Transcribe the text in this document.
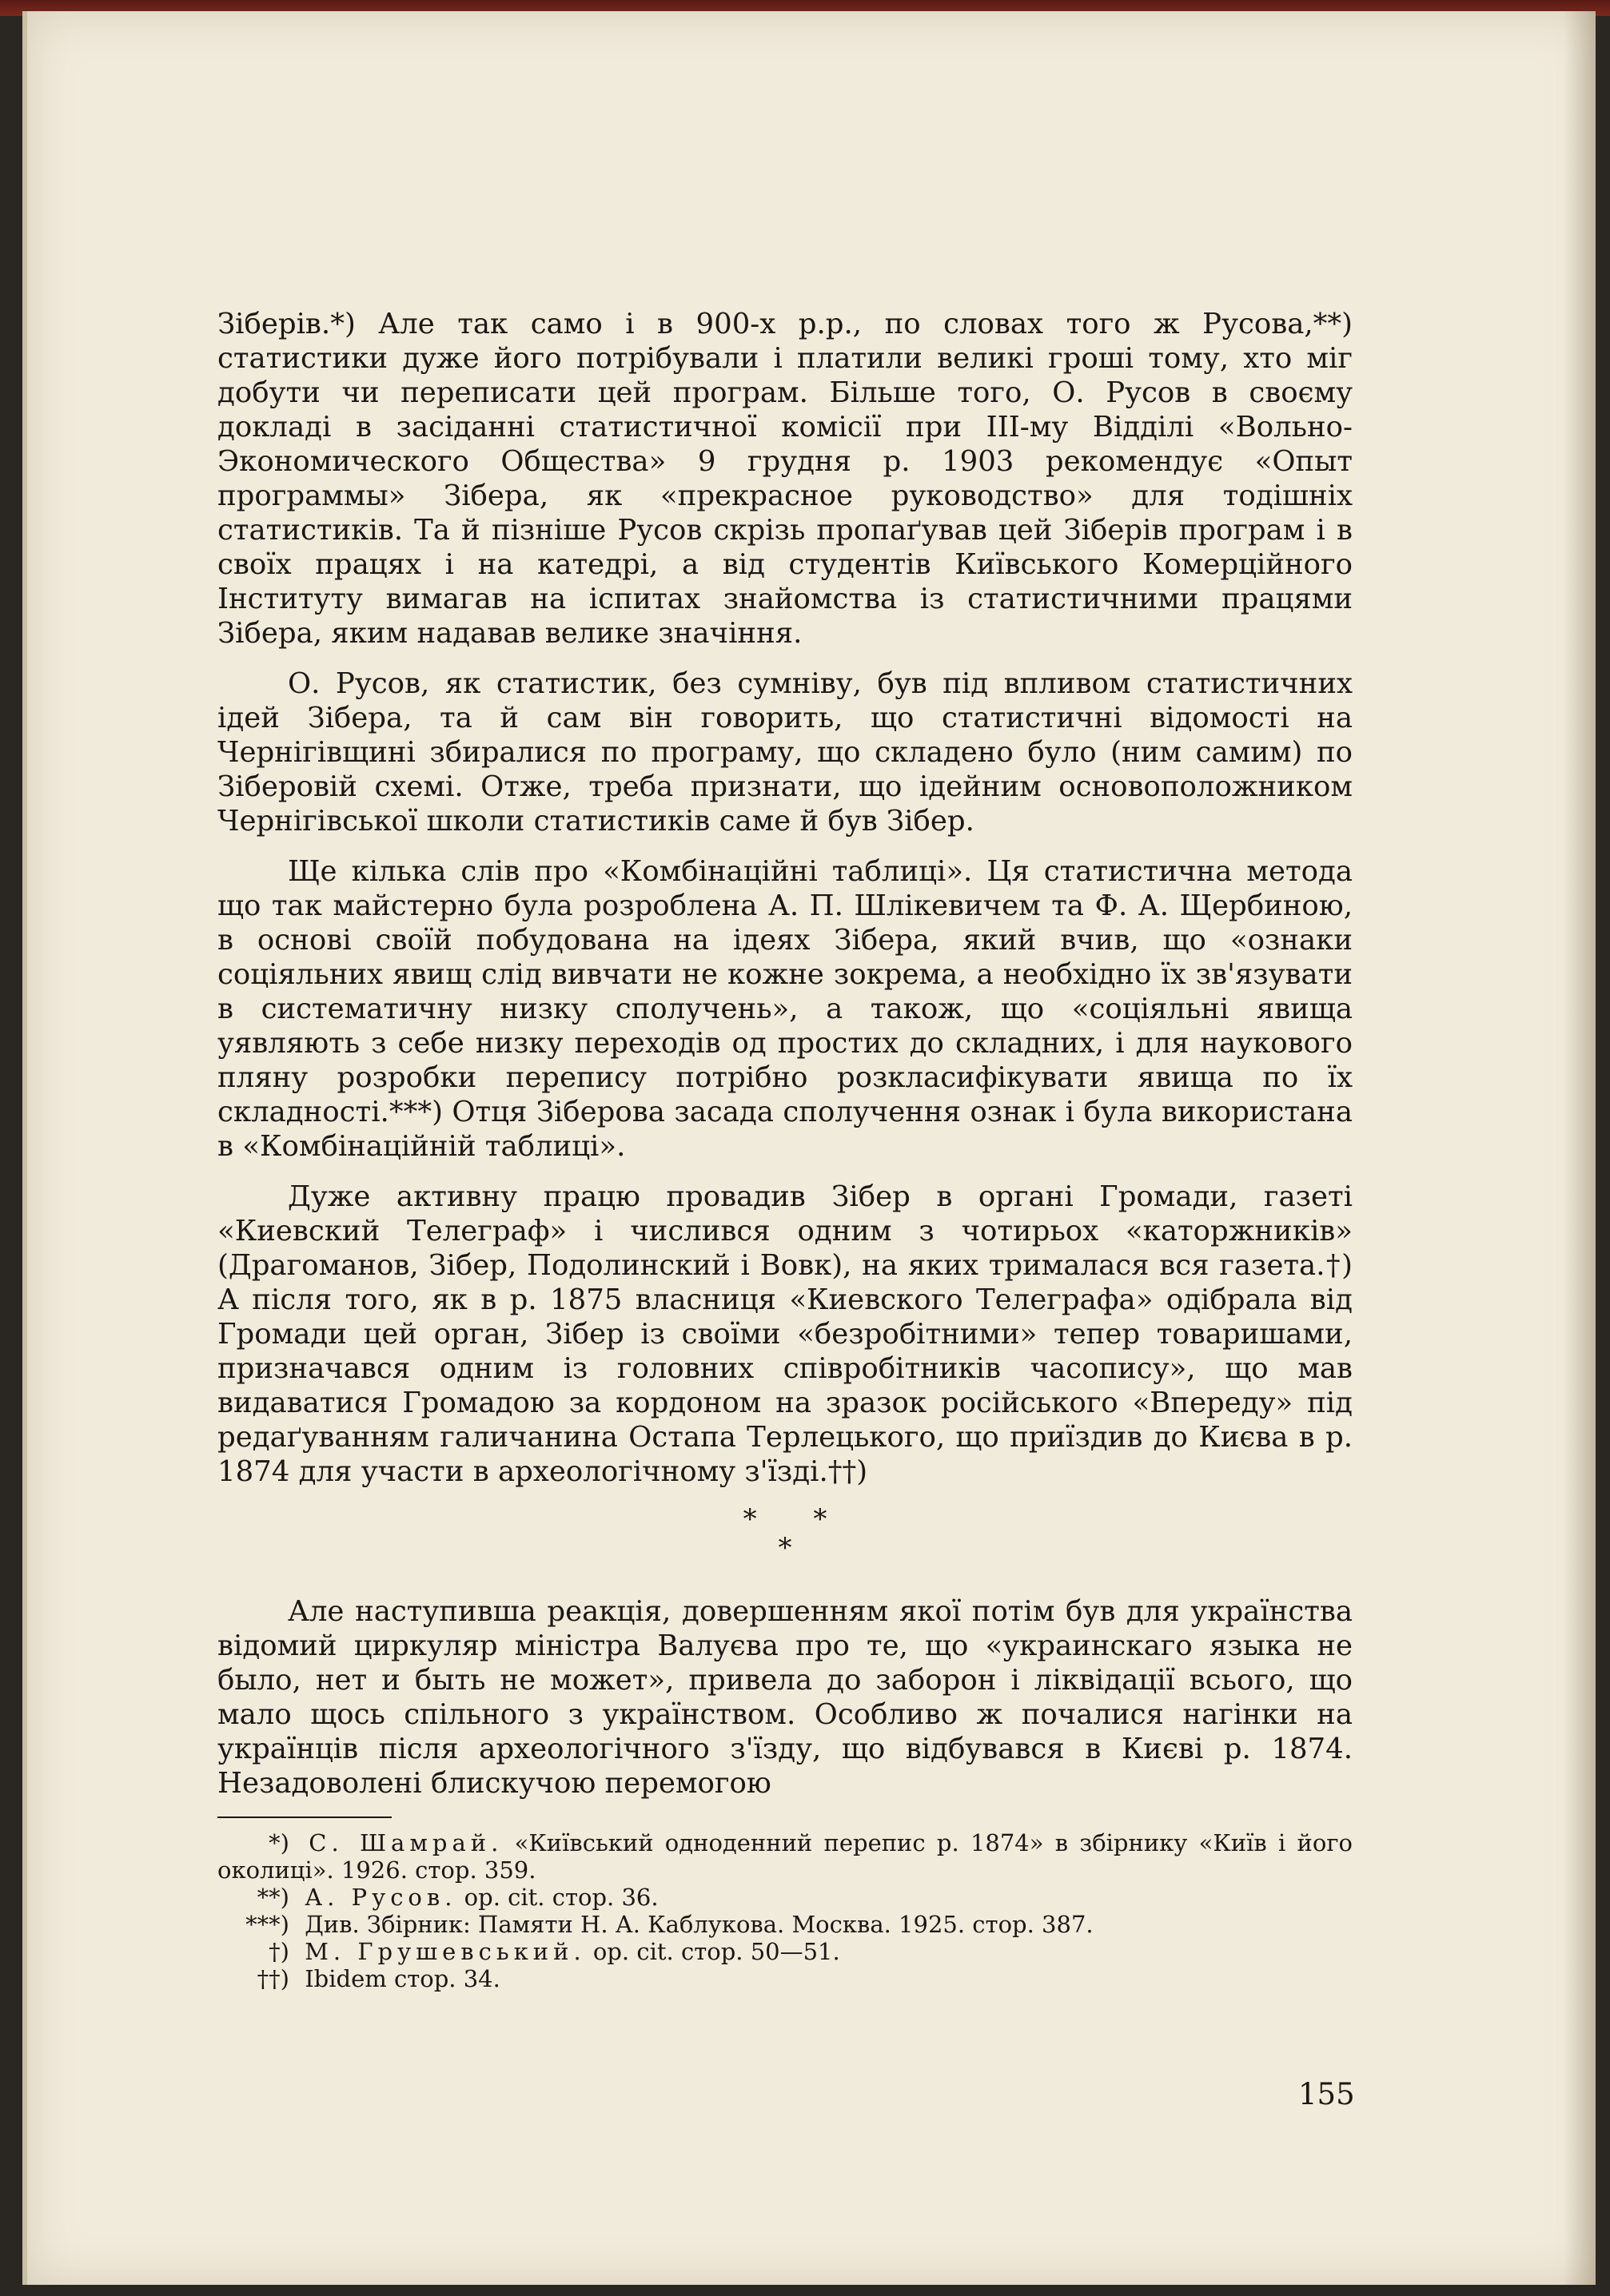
Зіберів.*) Але так само і в 900-х р.р., по словах того ж Русова,**) статистики дуже його потрібували і платили великі гроші тому, хто міг добути чи переписати цей програм. Більше того, О. Русов в своєму докладі в засіданні статистичної комісії при III-му Відділі «Вольно-Экономического Общества» 9 грудня р. 1903 рекомендує «Опыт программы» Зібера, як «прекрасное руководство» для тодішніх статистиків. Та й пізніше Русов скрізь пропаґував цей Зіберів програм і в своїх працях і на катедрі, а від студентів Київського Комерційного Інституту вимагав на іспитах знайомства із статистичними працями Зібера, яким надавав велике значіння.

О. Русов, як статистик, без сумніву, був під впливом статистичних ідей Зібера, та й сам він говорить, що статистичні відомості на Чернігівщині збиралися по програму, що складено було (ним самим) по Зіберовій схемі. Отже, треба признати, що ідейним основоположником Чернігівської школи статистиків саме й був Зібер.

Ще кілька слів про «Комбінаційні таблиці». Ця статистична метода що так майстерно була розроблена А. П. Шлікевичем та Ф. А. Щербиною, в основі своїй побудована на ідеях Зібера, який вчив, що «ознаки соціяльних явищ слід вивчати не кожне зокрема, а необхідно їх зв'язувати в систематичну низку сполучень», а також, що «соціяльні явища уявляють з себе низку переходів од простих до складних, і для наукового пляну розробки перепису потрібно розкласифікувати явища по їх складності.***) Отця Зіберова засада сполучення ознак і була використана в «Комбінаційній таблиці».

Дуже активну працю провадив Зібер в органі Громади, газеті «Киевский Телеграф» і числився одним з чотирьох «каторжників» (Драгоманов, Зібер, Подолинский і Вовк), на яких трималася вся газета.†) А після того, як в р. 1875 власниця «Киевского Телеграфа» одібрала від Громади цей орган, Зібер із своїми «безробітними» тепер товаришами, призначався одним із головних співробітників часопису», що мав видаватися Громадою за кордоном на зразок російського «Впереду» під редаґуванням галичанина Остапа Терлецького, що приїздив до Києва в р. 1874 для участи в археологічному з'їзді.††)

* *

*

Але наступивша реакція, довершенням якої потім був для українства відомий циркуляр міністра Валуєва про те, що «украинскаго языка не было, нет и быть не может», привела до заборон і ліквідації всього, що мало щось спільного з українством. Особливо ж почалися нагінки на українців після археологічного з'їзду, що відбувався в Києві р. 1874. Незадоволені блискучою перемогою

*) С. Шамрай. «Київський одноденний перепис р. 1874» в збірнику «Київ і його околиці». 1926. стор. 359.

**) А. Русов. op. cit. стор. 36.

***) Див. Збірник: Памяти Н. А. Каблукова. Москва. 1925. стор. 387.

†) М. Грушевський. op. cit. стор. 50—51.

††) Ibidem стор. 34.

155
